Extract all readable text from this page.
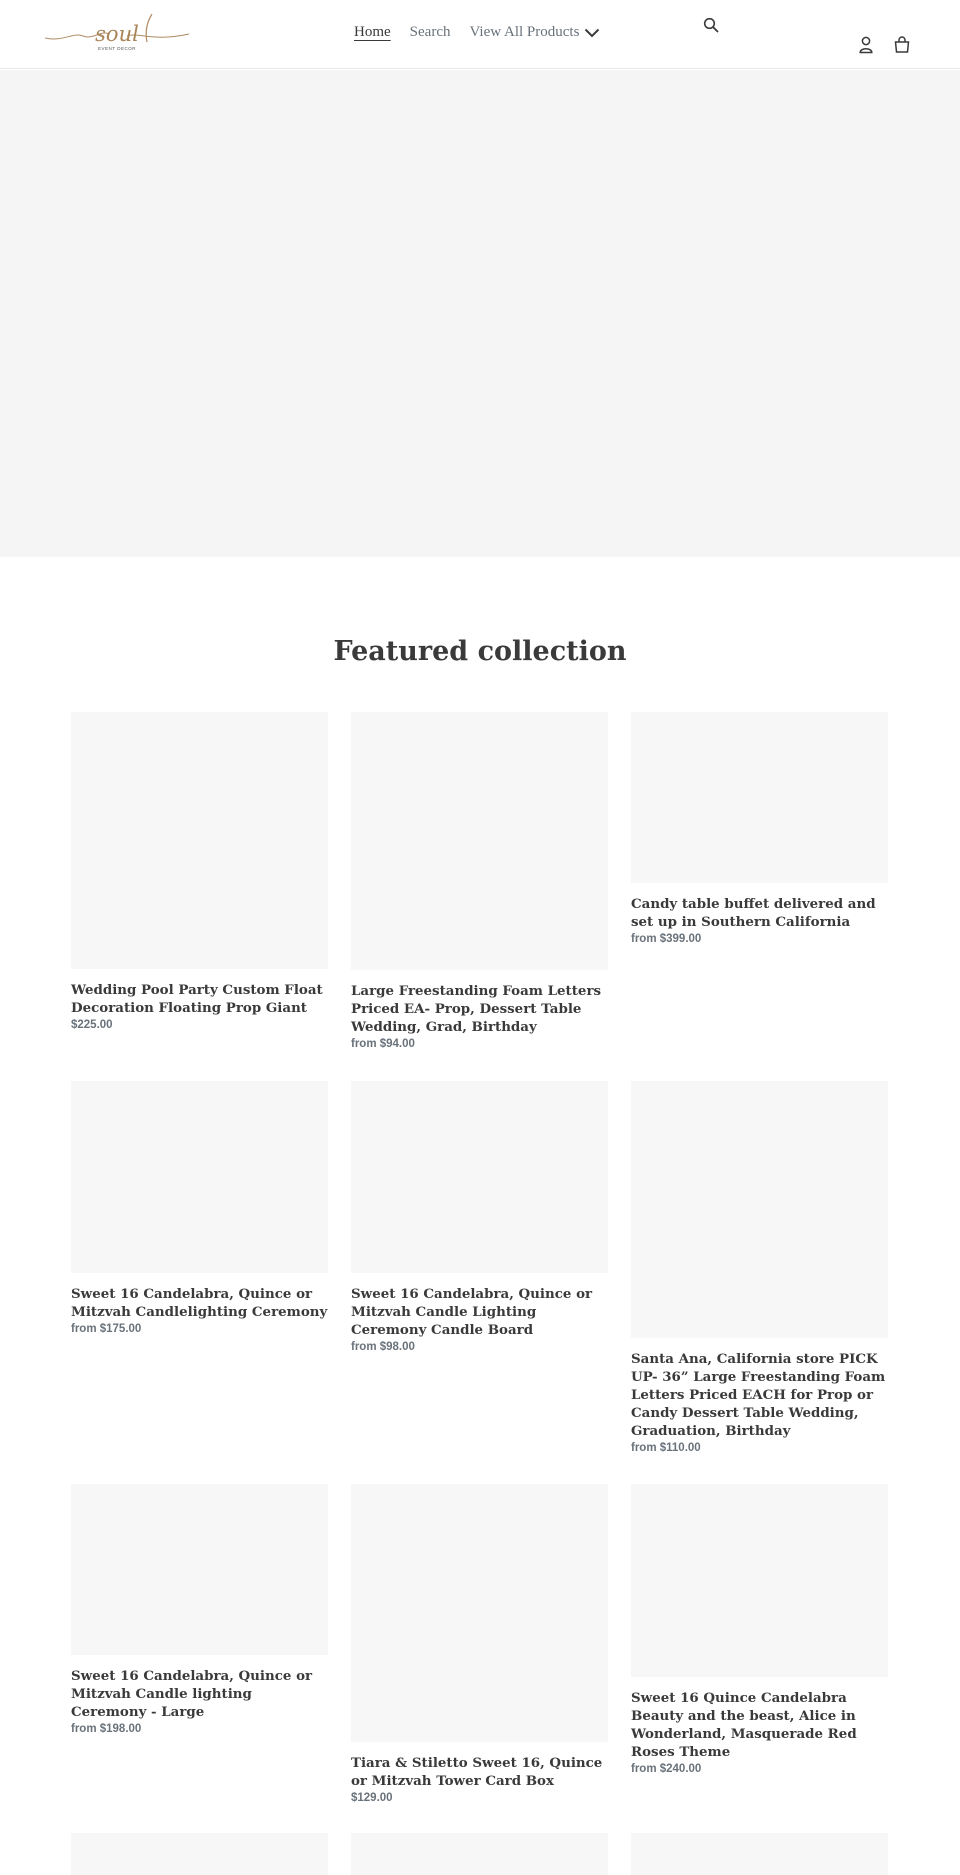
soul
EVENT DECOR
Home Search View All Products
Featured collection
Wedding Pool Party Custom Float Decoration Floating Prop Giant
$225.00
Large Freestanding Foam Letters Priced EA- Prop, Dessert Table Wedding, Grad, Birthday
from $94.00
Candy table buffet delivered and set up in Southern California
from $399.00
Sweet 16 Candelabra, Quince or Mitzvah Candlelighting Ceremony
from $175.00
Sweet 16 Candelabra, Quince or Mitzvah Candle Lighting Ceremony Candle Board
from $98.00
Santa Ana, California store PICK UP- 36” Large Freestanding Foam Letters Priced EACH for Prop or Candy Dessert Table Wedding, Graduation, Birthday
from $110.00
Sweet 16 Candelabra, Quince or Mitzvah Candle lighting Ceremony - Large
from $198.00
Tiara & Stiletto Sweet 16, Quince or Mitzvah Tower Card Box
$129.00
Sweet 16 Quince Candelabra Beauty and the beast, Alice in Wonderland, Masquerade Red Roses Theme
from $240.00
